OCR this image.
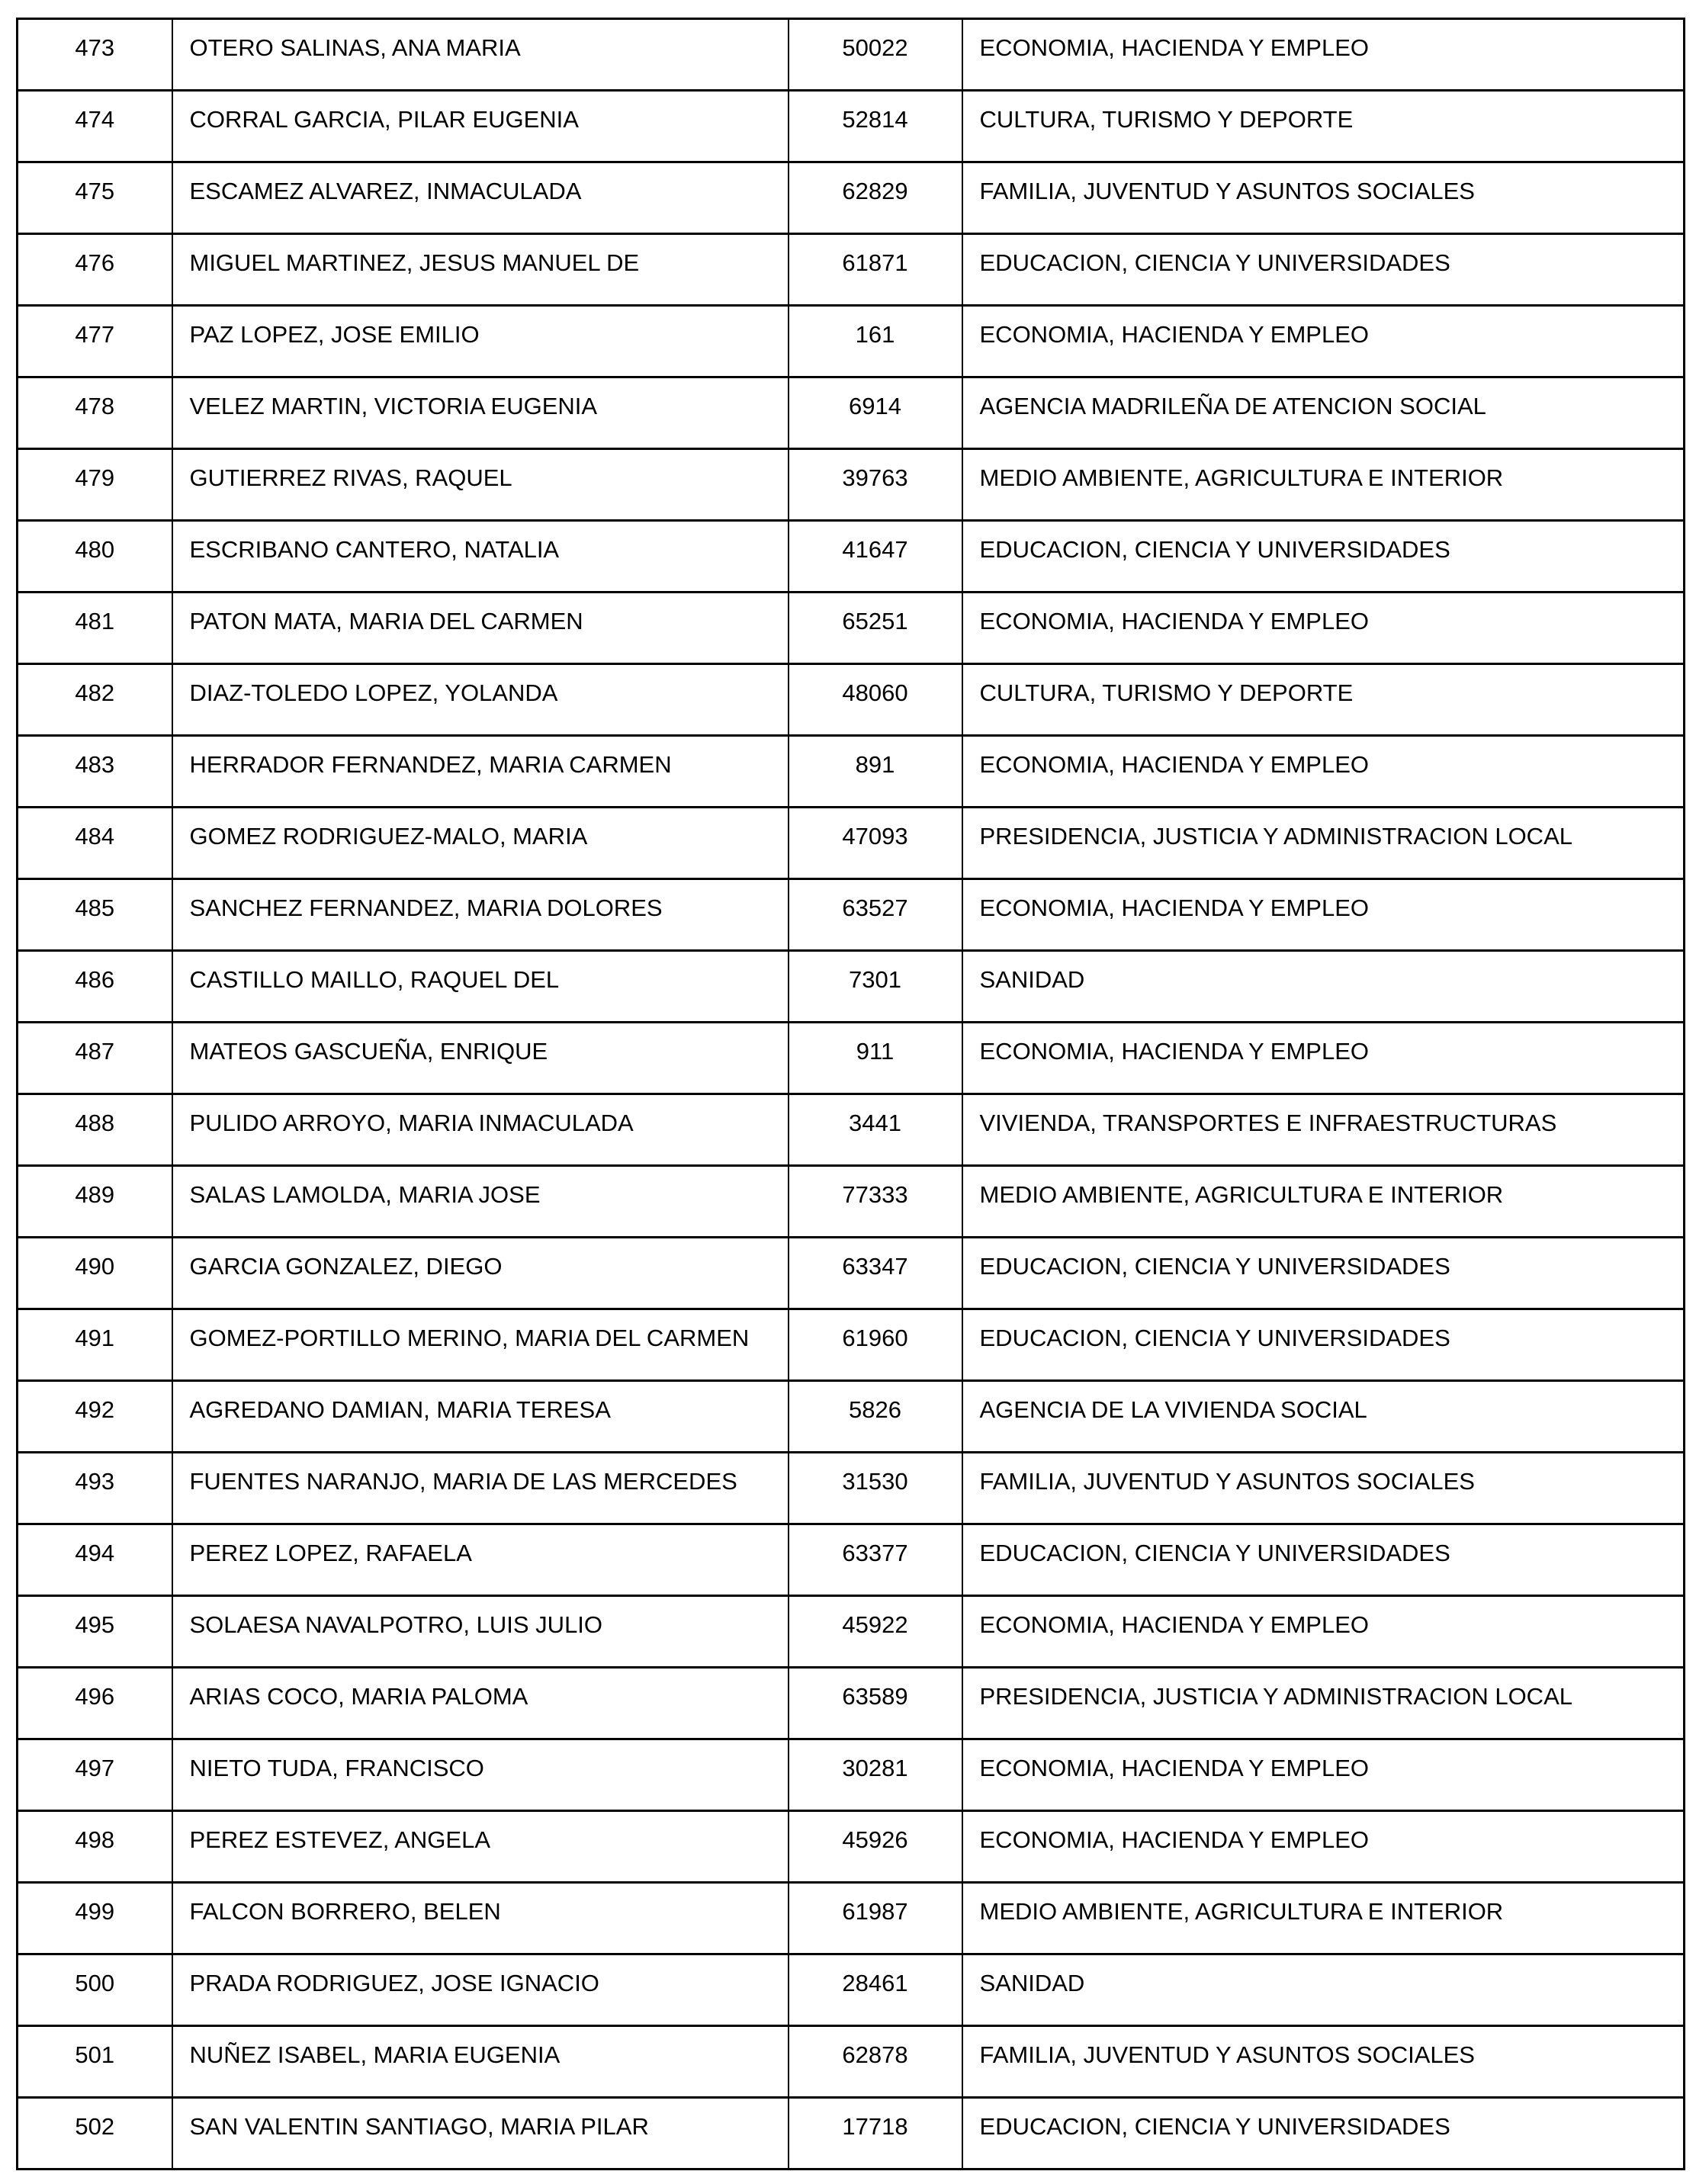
473	OTERO SALINAS, ANA MARIA	50022	ECONOMIA, HACIENDA Y EMPLEO
474	CORRAL GARCIA, PILAR EUGENIA	52814	CULTURA, TURISMO Y DEPORTE
475	ESCAMEZ ALVAREZ, INMACULADA	62829	FAMILIA, JUVENTUD Y ASUNTOS SOCIALES
476	MIGUEL MARTINEZ, JESUS MANUEL DE	61871	EDUCACION, CIENCIA Y UNIVERSIDADES
477	PAZ LOPEZ, JOSE EMILIO	161	ECONOMIA, HACIENDA Y EMPLEO
478	VELEZ MARTIN, VICTORIA EUGENIA	6914	AGENCIA MADRILEÑA DE ATENCION SOCIAL
479	GUTIERREZ RIVAS, RAQUEL	39763	MEDIO AMBIENTE, AGRICULTURA E INTERIOR
480	ESCRIBANO CANTERO, NATALIA	41647	EDUCACION, CIENCIA Y UNIVERSIDADES
481	PATON MATA, MARIA DEL CARMEN	65251	ECONOMIA, HACIENDA Y EMPLEO
482	DIAZ-TOLEDO LOPEZ, YOLANDA	48060	CULTURA, TURISMO Y DEPORTE
483	HERRADOR FERNANDEZ, MARIA CARMEN	891	ECONOMIA, HACIENDA Y EMPLEO
484	GOMEZ RODRIGUEZ-MALO, MARIA	47093	PRESIDENCIA, JUSTICIA Y ADMINISTRACION LOCAL
485	SANCHEZ FERNANDEZ, MARIA DOLORES	63527	ECONOMIA, HACIENDA Y EMPLEO
486	CASTILLO MAILLO, RAQUEL DEL	7301	SANIDAD
487	MATEOS GASCUEÑA, ENRIQUE	911	ECONOMIA, HACIENDA Y EMPLEO
488	PULIDO ARROYO, MARIA INMACULADA	3441	VIVIENDA, TRANSPORTES E INFRAESTRUCTURAS
489	SALAS LAMOLDA, MARIA JOSE	77333	MEDIO AMBIENTE, AGRICULTURA E INTERIOR
490	GARCIA GONZALEZ, DIEGO	63347	EDUCACION, CIENCIA Y UNIVERSIDADES
491	GOMEZ-PORTILLO MERINO, MARIA DEL CARMEN	61960	EDUCACION, CIENCIA Y UNIVERSIDADES
492	AGREDANO DAMIAN, MARIA TERESA	5826	AGENCIA DE LA VIVIENDA SOCIAL
493	FUENTES NARANJO, MARIA DE LAS MERCEDES	31530	FAMILIA, JUVENTUD Y ASUNTOS SOCIALES
494	PEREZ LOPEZ, RAFAELA	63377	EDUCACION, CIENCIA Y UNIVERSIDADES
495	SOLAESA NAVALPOTRO, LUIS JULIO	45922	ECONOMIA, HACIENDA Y EMPLEO
496	ARIAS COCO, MARIA PALOMA	63589	PRESIDENCIA, JUSTICIA Y ADMINISTRACION LOCAL
497	NIETO TUDA, FRANCISCO	30281	ECONOMIA, HACIENDA Y EMPLEO
498	PEREZ ESTEVEZ, ANGELA	45926	ECONOMIA, HACIENDA Y EMPLEO
499	FALCON BORRERO, BELEN	61987	MEDIO AMBIENTE, AGRICULTURA E INTERIOR
500	PRADA RODRIGUEZ, JOSE IGNACIO	28461	SANIDAD
501	NUÑEZ ISABEL, MARIA EUGENIA	62878	FAMILIA, JUVENTUD Y ASUNTOS SOCIALES
502	SAN VALENTIN SANTIAGO, MARIA PILAR	17718	EDUCACION, CIENCIA Y UNIVERSIDADES
